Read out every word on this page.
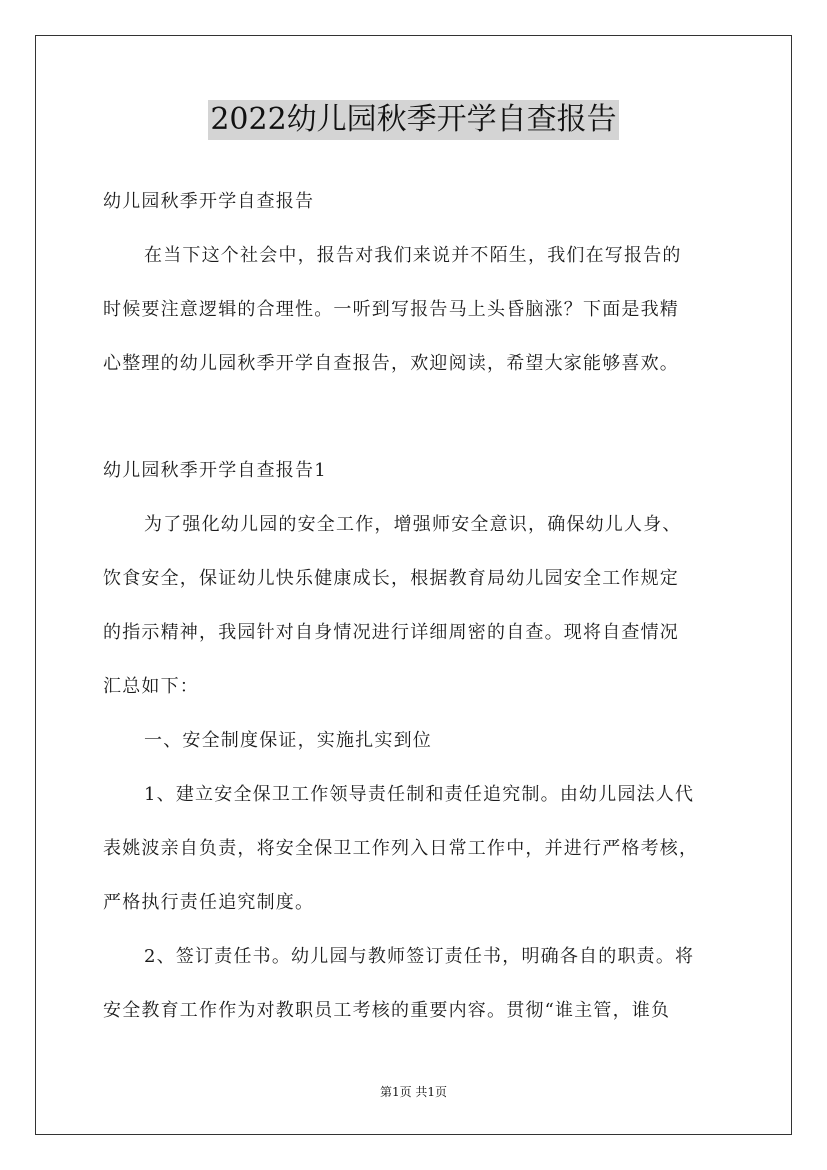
2022幼儿园秋季开学自查报告

幼儿园秋季开学自查报告

在当下这个社会中，报告对我们来说并不陌生，我们在写报告的

时候要注意逻辑的合理性。一听到写报告马上头昏脑涨？下面是我精

心整理的幼儿园秋季开学自查报告，欢迎阅读，希望大家能够喜欢。

幼儿园秋季开学自查报告1

为了强化幼儿园的安全工作，增强师安全意识，确保幼儿人身、

饮食安全，保证幼儿快乐健康成长，根据教育局幼儿园安全工作规定

的指示精神，我园针对自身情况进行详细周密的自查。现将自查情况

汇总如下：

一、安全制度保证，实施扎实到位

1、建立安全保卫工作领导责任制和责任追究制。由幼儿园法人代

表姚波亲自负责，将安全保卫工作列入日常工作中，并进行严格考核，

严格执行责任追究制度。

2、签订责任书。幼儿园与教师签订责任书，明确各自的职责。将

安全教育工作作为对教职员工考核的重要内容。贯彻“谁主管，谁负

第1页 共1页
